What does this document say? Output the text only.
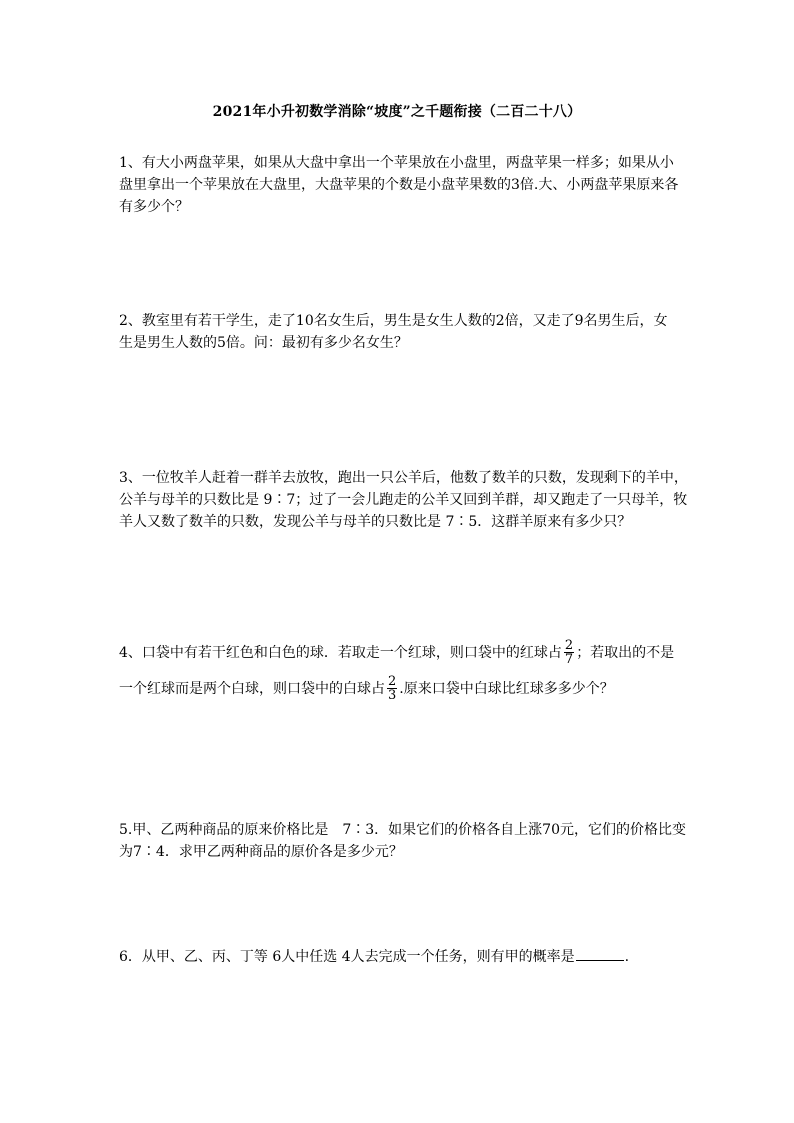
2021年小升初数学消除“坡度”之千题衔接（二百二十八）
1、有大小两盘苹果，如果从大盘中拿出一个苹果放在小盘里，两盘苹果一样多；如果从小
盘里拿出一个苹果放在大盘里，大盘苹果的个数是小盘苹果数的3倍.大、小两盘苹果原来各
有多少个？
2、教室里有若干学生，走了10名女生后，男生是女生人数的2倍，又走了9名男生后，女
生是男生人数的5倍。问：最初有多少名女生？
3、一位牧羊人赶着一群羊去放牧，跑出一只公羊后，他数了数羊的只数，发现剩下的羊中，
公羊与母羊的只数比是 9∶7；过了一会儿跑走的公羊又回到羊群，却又跑走了一只母羊，牧
羊人又数了数羊的只数，发现公羊与母羊的只数比是 7∶5．这群羊原来有多少只？
4、口袋中有若干红色和白色的球．若取走一个红球，则口袋中的红球占 $\frac{2}{7}$ ；若取出的不是
一个红球而是两个白球，则口袋中的白球占 $\frac{2}{3}$ .原来口袋中白球比红球多多少个？
5.甲、乙两种商品的原来价格比是　7∶3．如果它们的价格各自上涨70元，它们的价格比变
为7∶4．求甲乙两种商品的原价各是多少元？
6．从甲、乙、丙、丁等 6人中任选 4人去完成一个任务，则有甲的概率是	.
